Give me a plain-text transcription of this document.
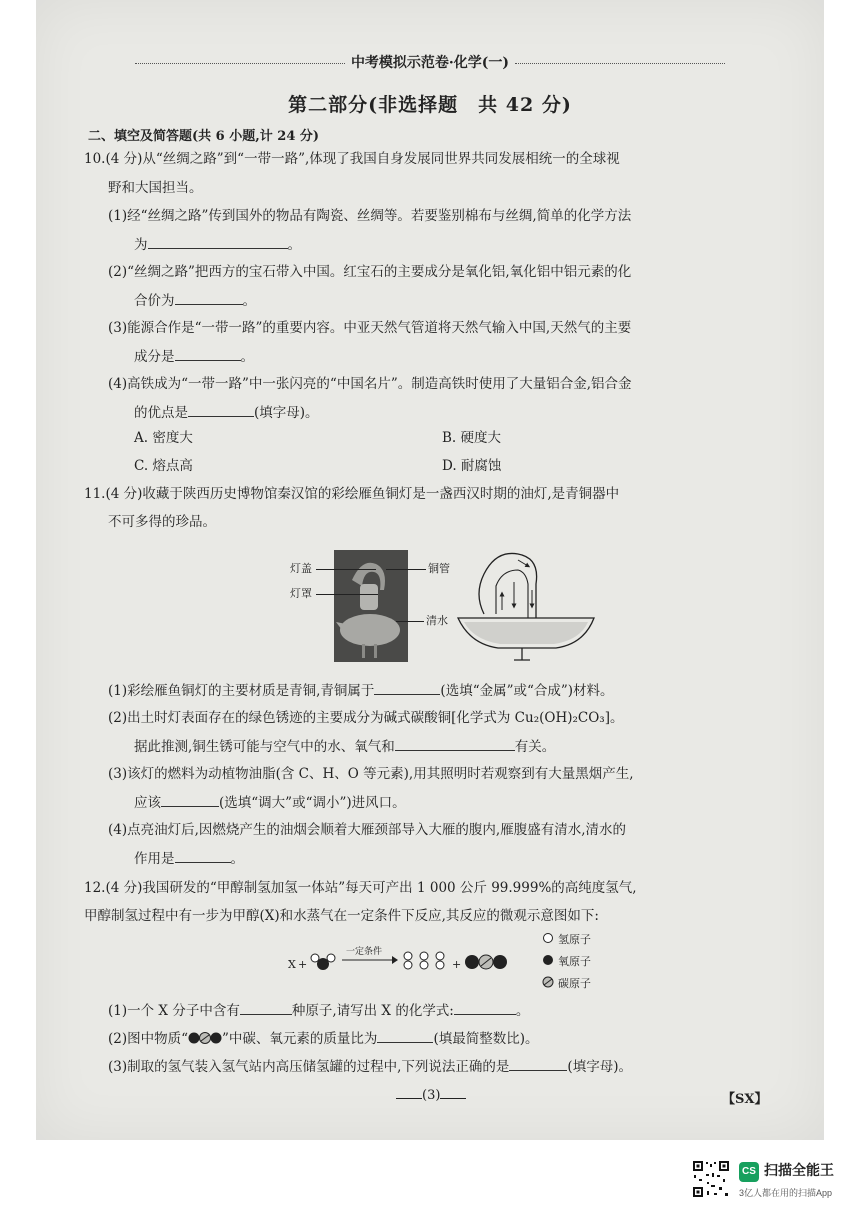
中考模拟示范卷·化学(一)
第二部分(非选择题　共 42 分)
二、填空及简答题(共 6 小题,计 24 分)
10.(4 分)从“丝绸之路”到“一带一路”,体现了我国自身发展同世界共同发展相统一的全球视
野和大国担当。
(1)经“丝绸之路”传到国外的物品有陶瓷、丝绸等。若要鉴别棉布与丝绸,简单的化学方法
为	。
(2)“丝绸之路”把西方的宝石带入中国。红宝石的主要成分是氧化铝,氧化铝中铝元素的化
合价为	。
(3)能源合作是“一带一路”的重要内容。中亚天然气管道将天然气输入中国,天然气的主要
成分是	。
(4)高铁成为“一带一路”中一张闪亮的“中国名片”。制造高铁时使用了大量铝合金,铝合金
的优点是	(填字母)。
A. 密度大	B. 硬度大
C. 熔点高	D. 耐腐蚀
11.(4 分)收藏于陕西历史博物馆秦汉馆的彩绘雁鱼铜灯是一盏西汉时期的油灯,是青铜器中
不可多得的珍品。
灯盖
灯罩
铜管
清水
(1)彩绘雁鱼铜灯的主要材质是青铜,青铜属于	(选填“金属”或“合成”)材料。
(2)出土时灯表面存在的绿色锈迹的主要成分为碱式碳酸铜[化学式为 Cu₂(OH)₂CO₃]。
据此推测,铜生锈可能与空气中的水、氧气和	有关。
(3)该灯的燃料为动植物油脂(含 C、H、O 等元素),用其照明时若观察到有大量黑烟产生,
应该	(选填“调大”或“调小”)进风口。
(4)点亮油灯后,因燃烧产生的油烟会顺着大雁颈部导入大雁的腹内,雁腹盛有清水,清水的
作用是	。
12.(4 分)我国研发的“甲醇制氢加氢一体站”每天可产出 1 000 公斤 99.999%的高纯度氢气,
甲醇制氢过程中有一步为甲醇(X)和水蒸气在一定条件下反应,其反应的微观示意图如下:
X +
一定条件
+
氢原子
氧原子
碳原子
(1)一个 X 分子中含有	种原子,请写出 X 的化学式:	。
(2)图中物质“	”中碳、氧元素的质量比为	(填最简整数比)。
(3)制取的氢气装入氢气站内高压储氢罐的过程中,下列说法正确的是	(填字母)。
(3)	【SX】
CS 扫描全能王
3亿人都在用的扫描App
